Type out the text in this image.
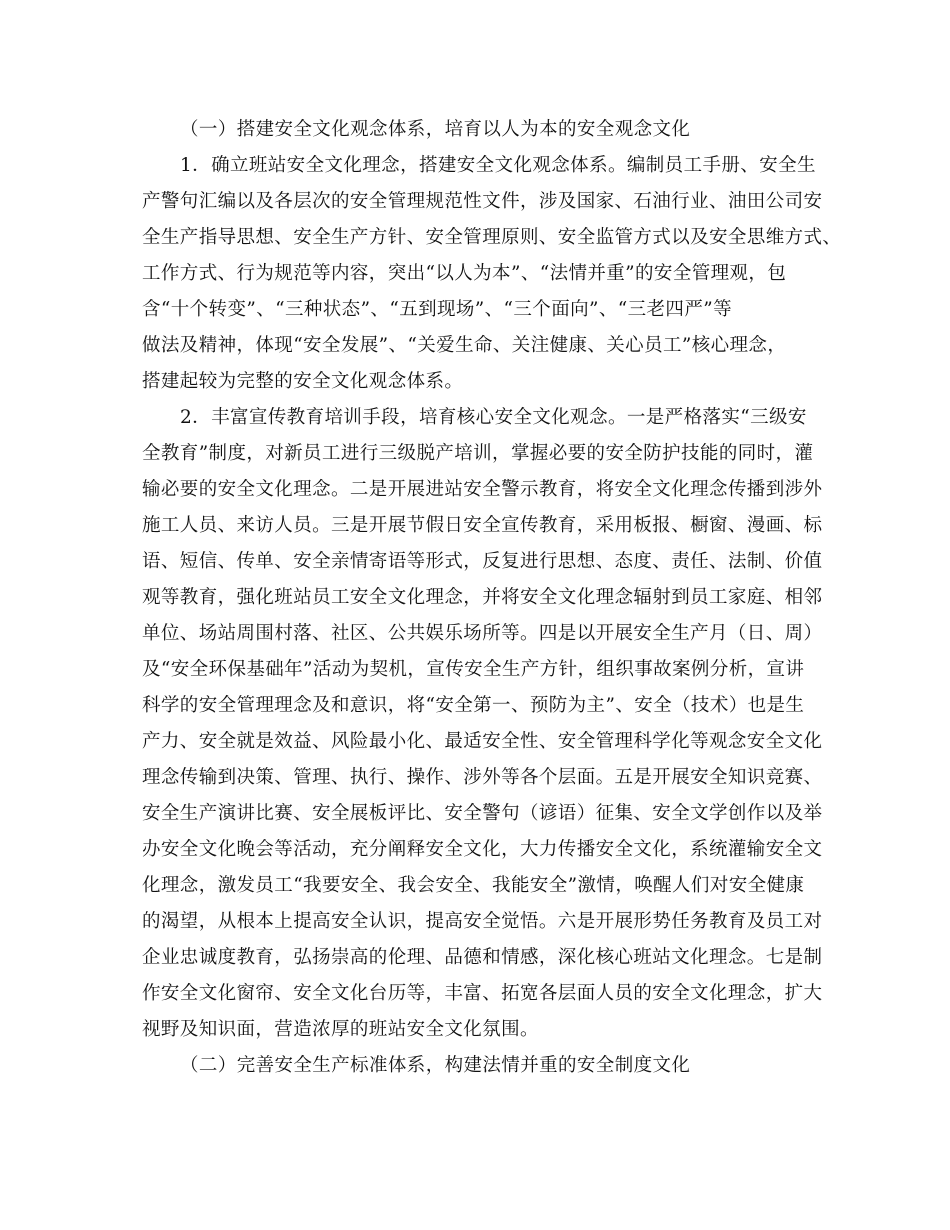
（一）搭建安全文化观念体系，培育以人为本的安全观念文化
1．确立班站安全文化理念，搭建安全文化观念体系。编制员工手册、安全生
产警句汇编以及各层次的安全管理规范性文件，涉及国家、石油行业、油田公司安
全生产指导思想、安全生产方针、安全管理原则、安全监管方式以及安全思维方式、
工作方式、行为规范等内容，突出“以人为本”、“法情并重”的安全管理观，包
含“十个转变”、“三种状态”、“五到现场”、“三个面向”、“三老四严”等
做法及精神，体现“安全发展”、“关爱生命、关注健康、关心员工”核心理念，
搭建起较为完整的安全文化观念体系。
2．丰富宣传教育培训手段，培育核心安全文化观念。一是严格落实“三级安
全教育”制度，对新员工进行三级脱产培训，掌握必要的安全防护技能的同时，灌
输必要的安全文化理念。二是开展进站安全警示教育，将安全文化理念传播到涉外
施工人员、来访人员。三是开展节假日安全宣传教育，采用板报、橱窗、漫画、标
语、短信、传单、安全亲情寄语等形式，反复进行思想、态度、责任、法制、价值
观等教育，强化班站员工安全文化理念，并将安全文化理念辐射到员工家庭、相邻
单位、场站周围村落、社区、公共娱乐场所等。四是以开展安全生产月（日、周）
及“安全环保基础年”活动为契机，宣传安全生产方针，组织事故案例分析，宣讲
科学的安全管理理念及和意识，将“安全第一、预防为主”、安全（技术）也是生
产力、安全就是效益、风险最小化、最适安全性、安全管理科学化等观念安全文化
理念传输到决策、管理、执行、操作、涉外等各个层面。五是开展安全知识竞赛、
安全生产演讲比赛、安全展板评比、安全警句（谚语）征集、安全文学创作以及举
办安全文化晚会等活动，充分阐释安全文化，大力传播安全文化，系统灌输安全文
化理念，激发员工“我要安全、我会安全、我能安全”激情，唤醒人们对安全健康
的渴望，从根本上提高安全认识，提高安全觉悟。六是开展形势任务教育及员工对
企业忠诚度教育，弘扬崇高的伦理、品德和情感，深化核心班站文化理念。七是制
作安全文化窗帘、安全文化台历等，丰富、拓宽各层面人员的安全文化理念，扩大
视野及知识面，营造浓厚的班站安全文化氛围。
（二）完善安全生产标准体系，构建法情并重的安全制度文化
